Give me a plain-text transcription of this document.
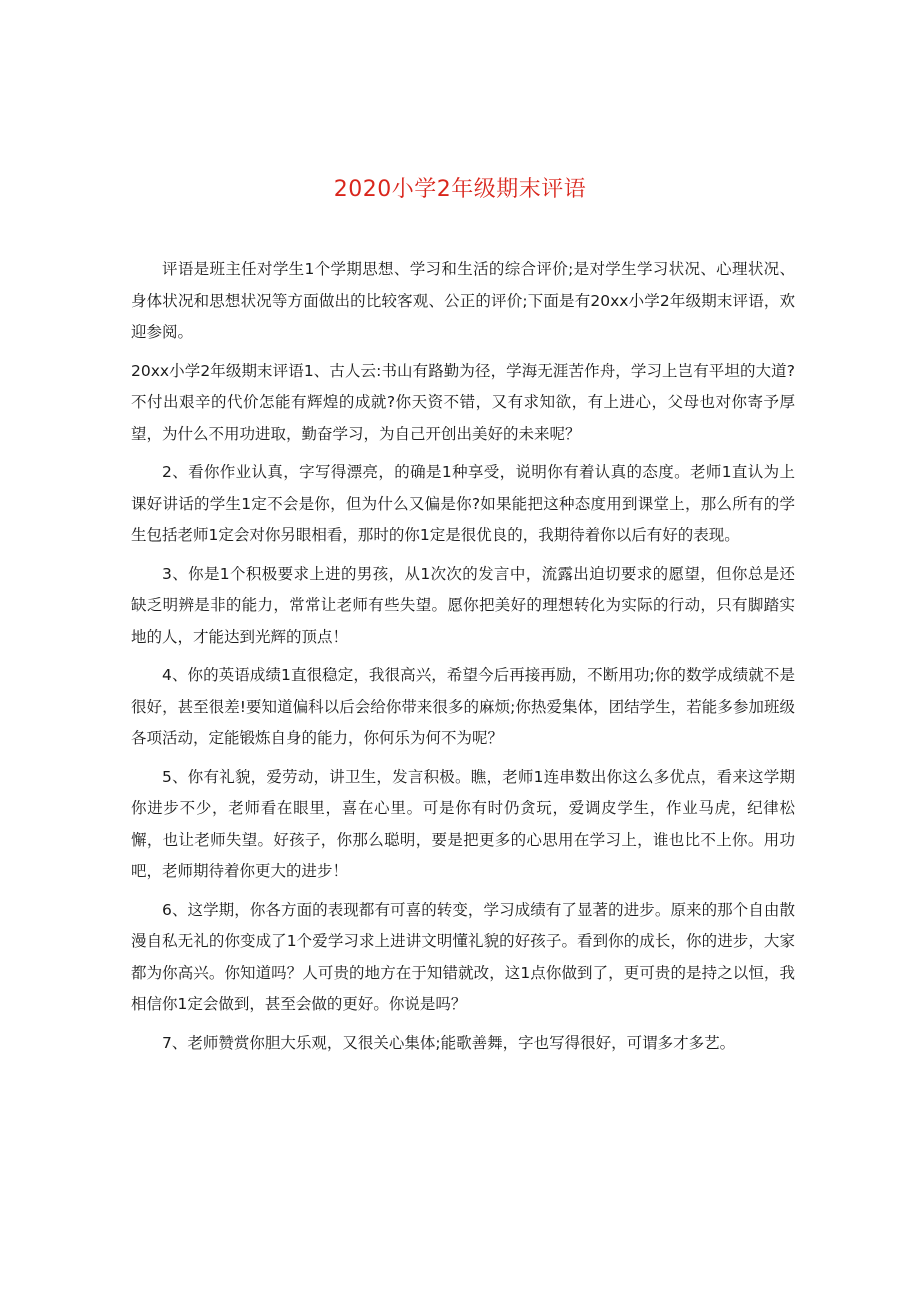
2020小学2年级期末评语

评语是班主任对学生1个学期思想、学习和生活的综合评价;是对学生学习状况、心理状况、身体状况和思想状况等方面做出的比较客观、公正的评价;下面是有20xx小学2年级期末评语，欢迎参阅。

20xx小学2年级期末评语1、古人云:书山有路勤为径，学海无涯苦作舟，学习上岂有平坦的大道?不付出艰辛的代价怎能有辉煌的成就?你天资不错，又有求知欲，有上进心，父母也对你寄予厚望，为什么不用功进取，勤奋学习，为自己开创出美好的未来呢？

2、看你作业认真，字写得漂亮，的确是1种享受，说明你有着认真的态度。老师1直认为上课好讲话的学生1定不会是你，但为什么又偏是你?如果能把这种态度用到课堂上，那么所有的学生包括老师1定会对你另眼相看，那时的你1定是很优良的，我期待着你以后有好的表现。

3、你是1个积极要求上进的男孩，从1次次的发言中，流露出迫切要求的愿望，但你总是还缺乏明辨是非的能力，常常让老师有些失望。愿你把美好的理想转化为实际的行动，只有脚踏实地的人，才能达到光辉的顶点！

4、你的英语成绩1直很稳定，我很高兴，希望今后再接再励，不断用功;你的数学成绩就不是很好，甚至很差!要知道偏科以后会给你带来很多的麻烦;你热爱集体，团结学生，若能多参加班级各项活动，定能锻炼自身的能力，你何乐为何不为呢？

5、你有礼貌，爱劳动，讲卫生，发言积极。瞧，老师1连串数出你这么多优点，看来这学期你进步不少，老师看在眼里，喜在心里。可是你有时仍贪玩，爱调皮学生，作业马虎，纪律松懈，也让老师失望。好孩子，你那么聪明，要是把更多的心思用在学习上，谁也比不上你。用功吧，老师期待着你更大的进步！

6、这学期，你各方面的表现都有可喜的转变，学习成绩有了显著的进步。原来的那个自由散漫自私无礼的你变成了1个爱学习求上进讲文明懂礼貌的好孩子。看到你的成长，你的进步，大家都为你高兴。你知道吗？人可贵的地方在于知错就改，这1点你做到了，更可贵的是持之以恒，我相信你1定会做到，甚至会做的更好。你说是吗？

7、老师赞赏你胆大乐观，又很关心集体;能歌善舞，字也写得很好，可谓多才多艺。
